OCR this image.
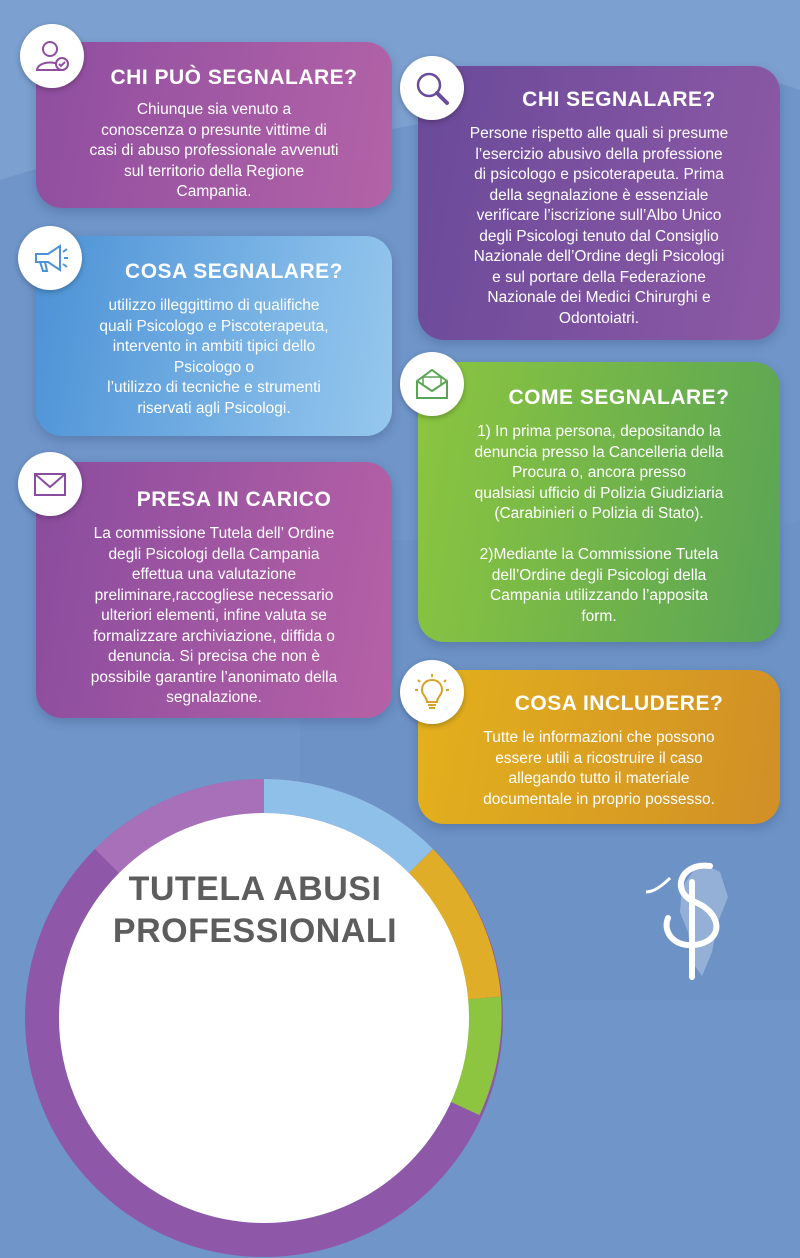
CHI PUÒ SEGNALARE?

Chiunque sia venuto a
conoscenza o presunte vittime di
casi di abuso professionale avvenuti
sul territorio della Regione
Campania.

CHI SEGNALARE?

Persone rispetto alle quali si presume
l’esercizio abusivo della professione
di psicologo e psicoterapeuta. Prima
della segnalazione è essenziale
verificare l’iscrizione sull’Albo Unico
degli Psicologi tenuto dal Consiglio
Nazionale dell’Ordine degli Psicologi
e sul portare della Federazione
Nazionale dei Medici Chirurghi e
Odontoiatri.

COSA SEGNALARE?

utilizzo illeggittimo di qualifiche
quali Psicologo e Piscoterapeuta,
intervento in ambiti tipici dello
Psicologo o
l’utilizzo di tecniche e strumenti
riservati agli Psicologi.

PRESA IN CARICO

La commissione Tutela dell’ Ordine
degli Psicologi della Campania
effettua una valutazione
preliminare,raccogliese necessario
ulteriori elementi, infine valuta se
formalizzare archiviazione, diffida o
denuncia. Si precisa che non è
possibile garantire l’anonimato della
segnalazione.

COME SEGNALARE?

1) In prima persona, depositando la
denuncia presso la Cancelleria della
Procura o, ancora presso
qualsiasi ufficio di Polizia Giudiziaria
(Carabinieri o Polizia di Stato).

2)Mediante la Commissione Tutela
dell’Ordine degli Psicologi della
Campania utilizzando l’apposita
form.

COSA INCLUDERE?

Tutte le informazioni che possono
essere utili a ricostruire il caso
allegando tutto il materiale
documentale in proprio possesso.

TUTELA ABUSI
PROFESSIONALI
